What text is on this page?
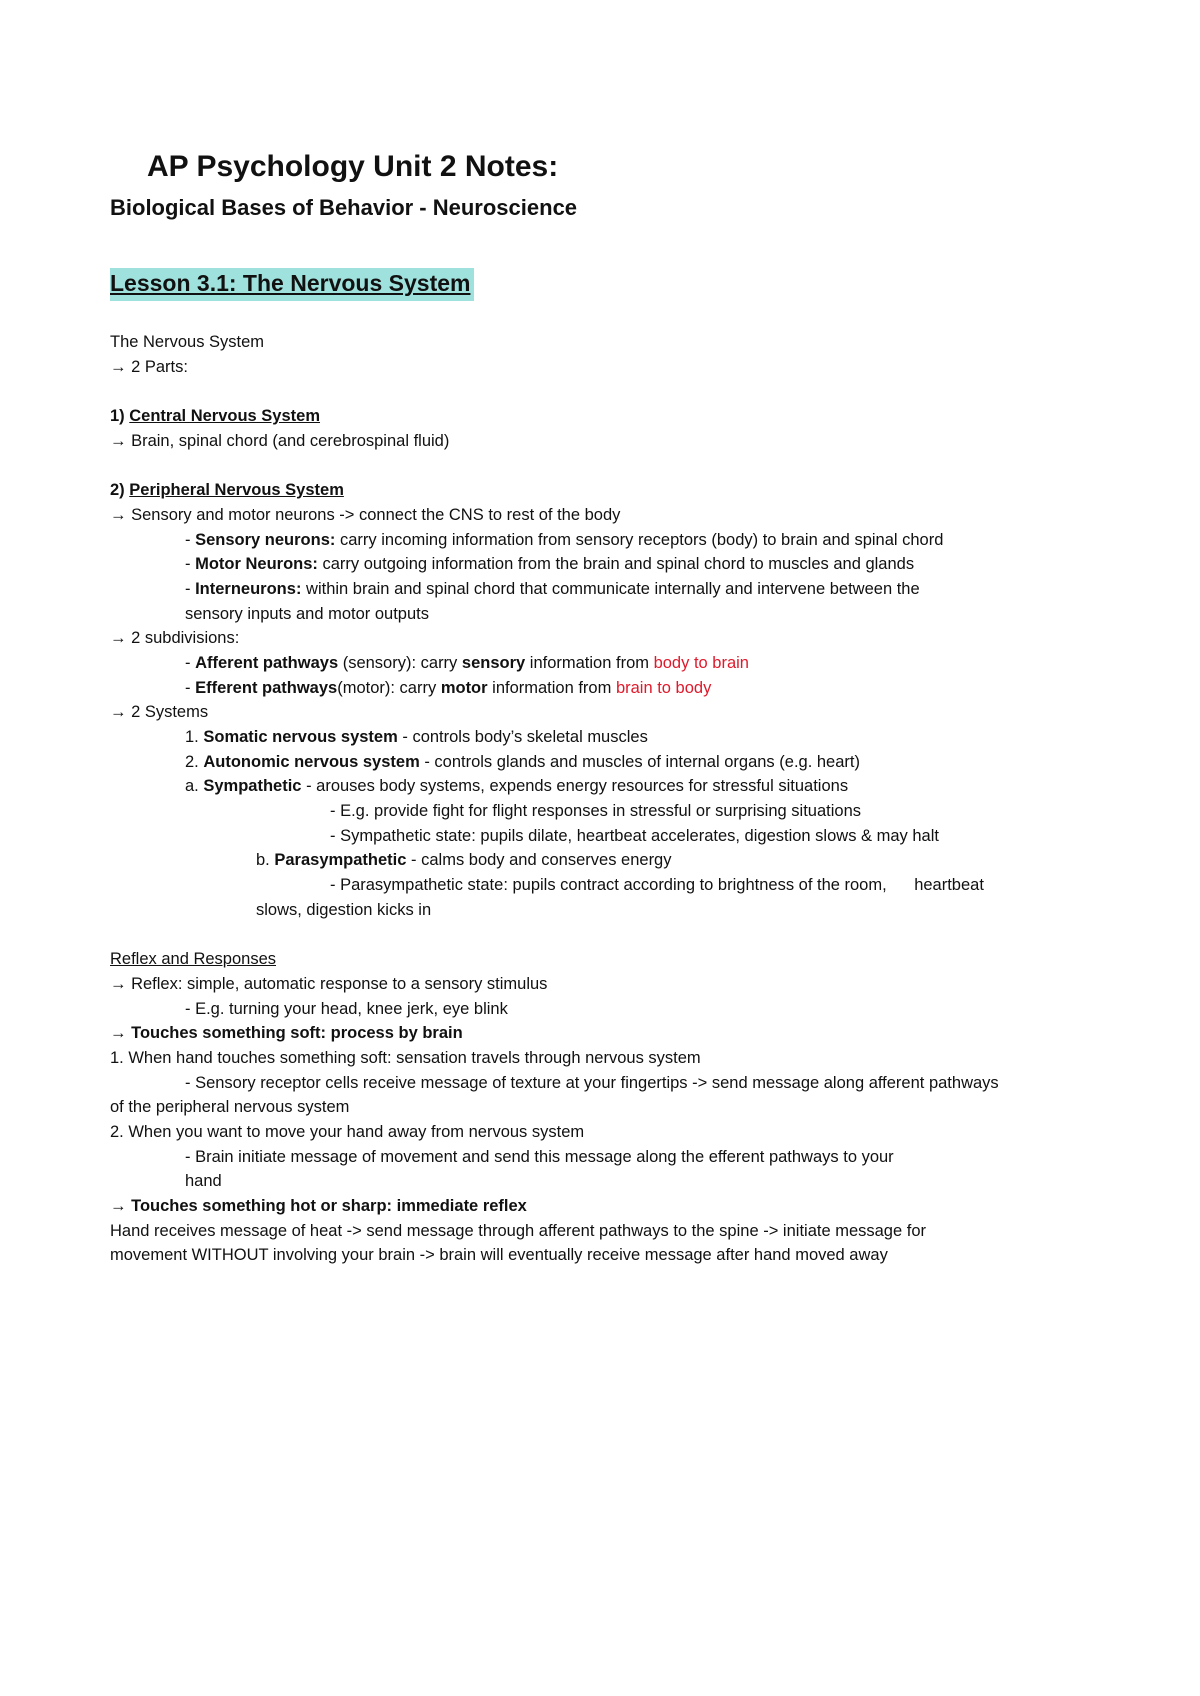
AP Psychology Unit 2 Notes:
Biological Bases of Behavior - Neuroscience
Lesson 3.1: The Nervous System
The Nervous System
→ 2 Parts:
1) Central Nervous System
→ Brain, spinal chord (and cerebrospinal fluid)
2) Peripheral Nervous System
→ Sensory and motor neurons -> connect the CNS to rest of the body
- Sensory neurons: carry incoming information from sensory receptors (body) to brain and spinal chord
- Motor Neurons: carry outgoing information from the brain and spinal chord to muscles and glands
- Interneurons: within brain and spinal chord that communicate internally and intervene between the
sensory inputs and motor outputs
→ 2 subdivisions:
- Afferent pathways (sensory): carry sensory information from body to brain
- Efferent pathways(motor): carry motor information from brain to body
→ 2 Systems
1. Somatic nervous system - controls body’s skeletal muscles
2. Autonomic nervous system - controls glands and muscles of internal organs (e.g. heart)
a. Sympathetic - arouses body systems, expends energy resources for stressful situations
- E.g. provide fight for flight responses in stressful or surprising situations
- Sympathetic state: pupils dilate, heartbeat accelerates, digestion slows & may halt
b. Parasympathetic - calms body and conserves energy
- Parasympathetic state: pupils contract according to brightness of the room,      heartbeat
slows, digestion kicks in
Reflex and Responses
→ Reflex: simple, automatic response to a sensory stimulus
- E.g. turning your head, knee jerk, eye blink
→ Touches something soft: process by brain
1. When hand touches something soft: sensation travels through nervous system
- Sensory receptor cells receive message of texture at your fingertips -> send message along afferent pathways
of the peripheral nervous system
2. When you want to move your hand away from nervous system
- Brain initiate message of movement and send this message along the efferent pathways to your
hand
→ Touches something hot or sharp: immediate reflex
Hand receives message of heat -> send message through afferent pathways to the spine -> initiate message for
movement WITHOUT involving your brain -> brain will eventually receive message after hand moved away
